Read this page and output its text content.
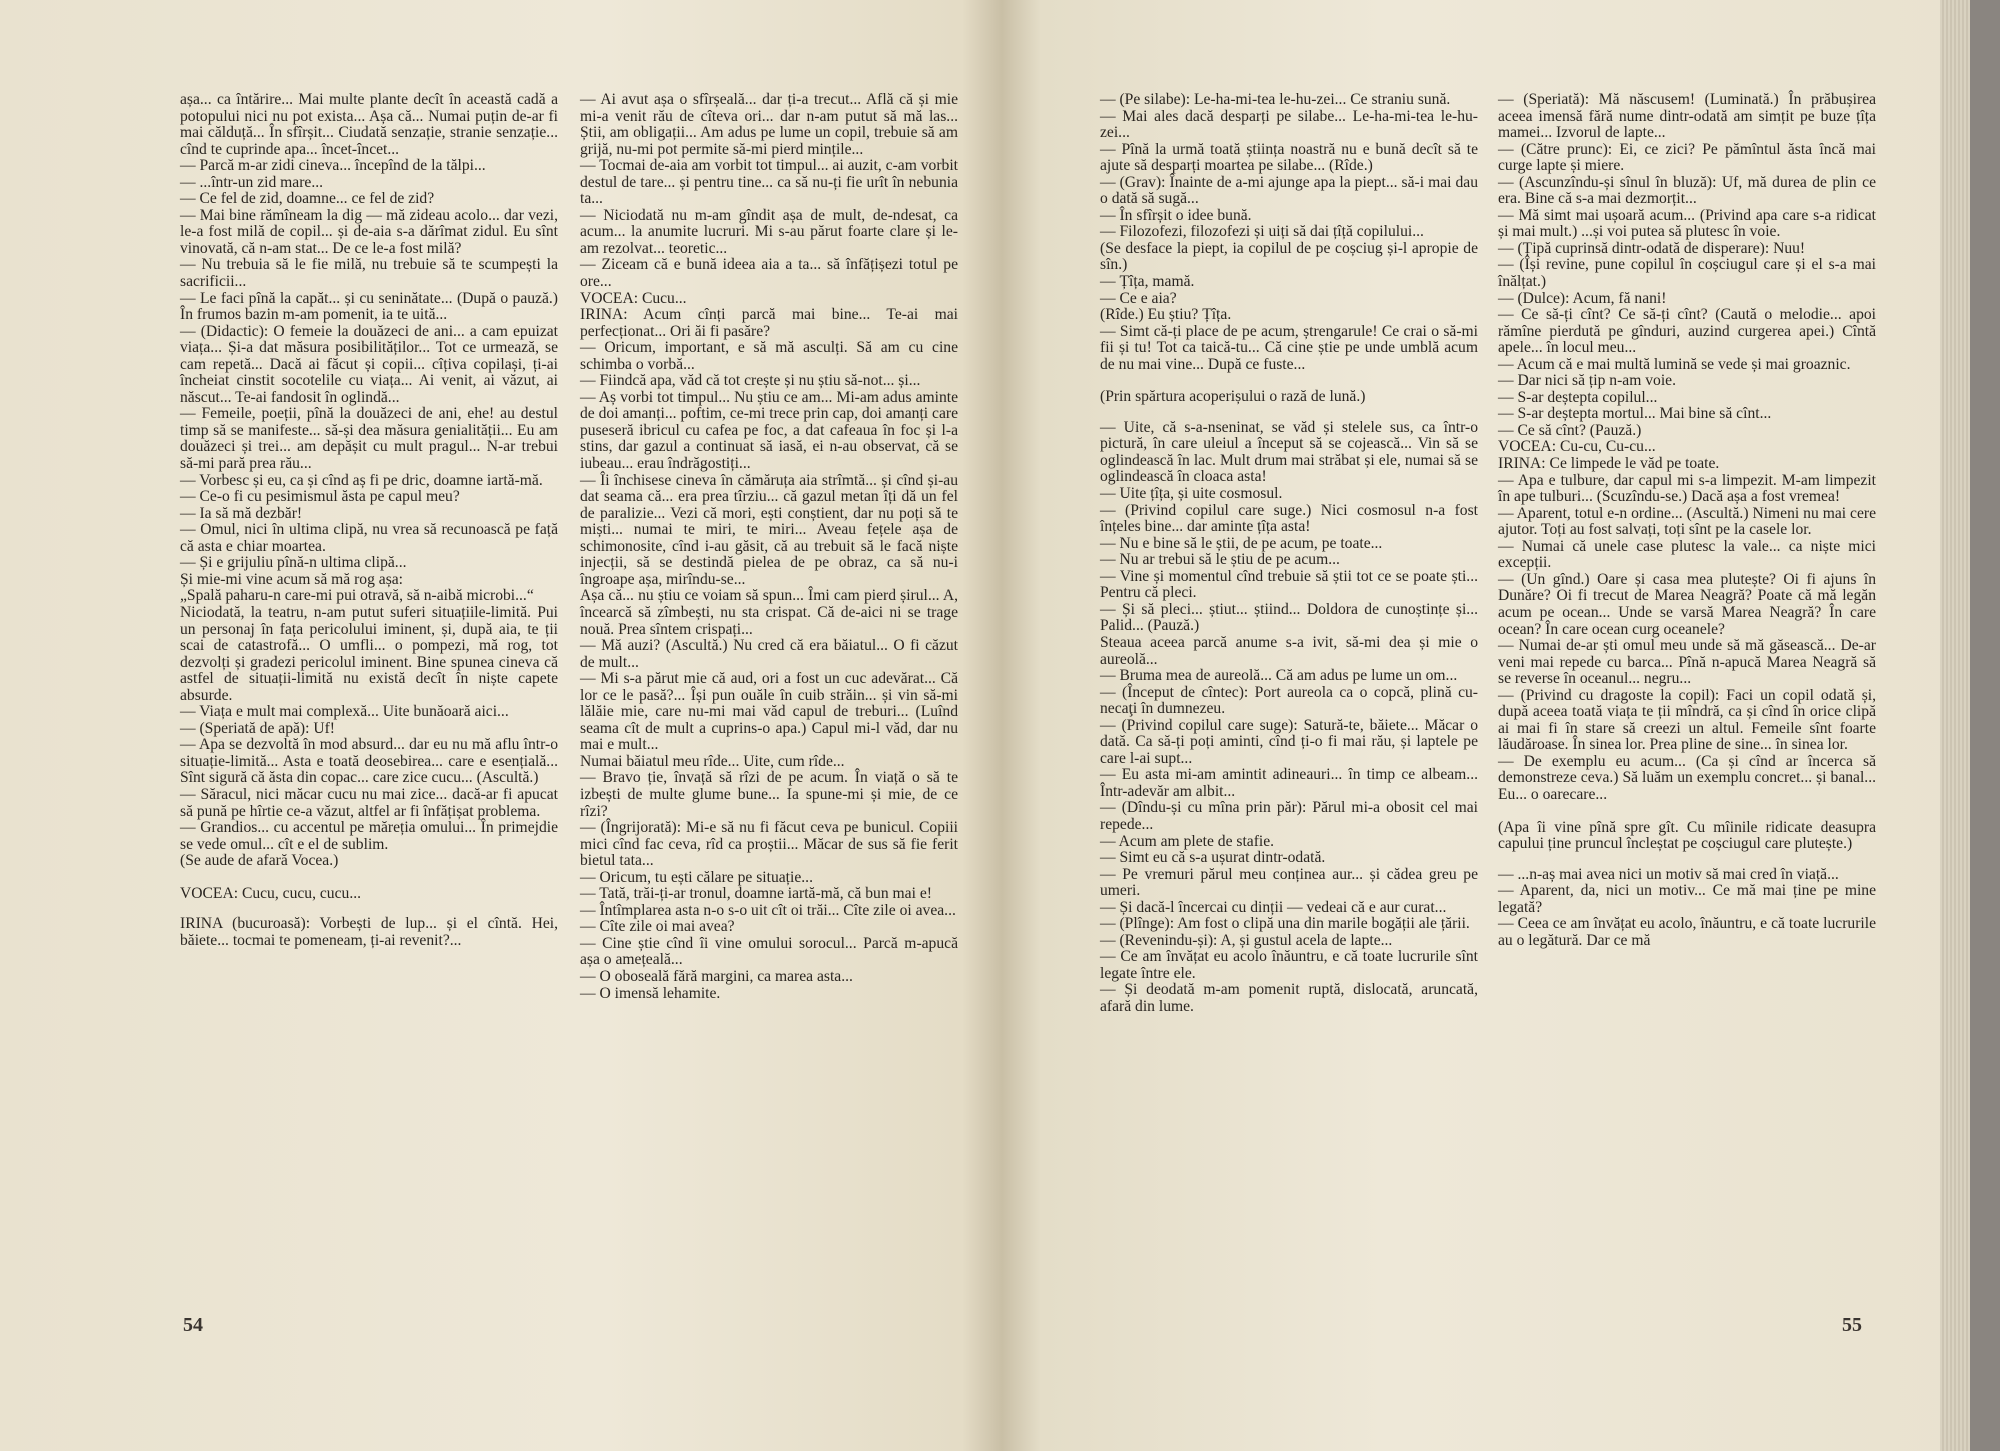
așa... ca întărire... Mai multe plante decît în această cadă a potopului nici nu pot exista... Așa că... Numai puțin de-ar fi mai călduță... În sfîrșit... Ciudată senzație, stranie senzație... cînd te cuprinde apa... încet-încet...

— Parcă m-ar zidi cineva... începînd de la tălpi...

— ...într-un zid mare...

— Ce fel de zid, doamne... ce fel de zid?

— Mai bine rămîneam la dig — mă zideau acolo... dar vezi, le-a fost milă de copil... și de-aia s-a dărîmat zidul. Eu sînt vinovată, că n-am stat... De ce le-a fost milă?

— Nu trebuia să le fie milă, nu trebuie să te scumpești la sacrificii...

— Le faci pînă la capăt... și cu seninătate... (După o pauză.) În frumos bazin m-am pomenit, ia te uită...

— (Didactic): O femeie la douăzeci de ani... a cam epuizat viața... Și-a dat măsura posibilităților... Tot ce urmează, se cam repetă... Dacă ai făcut și copii... cîțiva copilași, ți-ai încheiat cinstit socotelile cu viața... Ai venit, ai văzut, ai născut... Te-ai fandosit în oglindă...

— Femeile, poeții, pînă la douăzeci de ani, ehe! au destul timp să se manifeste... să-și dea măsura genialității... Eu am douăzeci și trei... am depășit cu mult pragul... N-ar trebui să-mi pară prea rău...

— Vorbesc și eu, ca și cînd aș fi pe dric, doamne iartă-mă.

— Ce-o fi cu pesimismul ăsta pe capul meu?

— Ia să mă dezbăr!

— Omul, nici în ultima clipă, nu vrea să recunoască pe față că asta e chiar moartea.

— Și e grijuliu pînă-n ultima clipă...

Și mie-mi vine acum să mă rog așa:

„Spală paharu-n care-mi pui otravă, să n-aibă microbi...“

Niciodată, la teatru, n-am putut suferi situațiile-limită. Pui un personaj în fața pericolului iminent, și, după aia, te ții scai de catastrofă... O umfli... o pompezi, mă rog, tot dezvolți și gradezi pericolul iminent. Bine spunea cineva că astfel de situații-limită nu există decît în niște capete absurde.

— Viața e mult mai complexă... Uite bunăoară aici...

— (Speriată de apă): Uf!

— Apa se dezvoltă în mod absurd... dar eu nu mă aflu într-o situație-limită... Asta e toată deosebirea... care e esențială... Sînt sigură că ăsta din copac... care zice cucu... (Ascultă.)

— Săracul, nici măcar cucu nu mai zice... dacă-ar fi apucat să pună pe hîrtie ce-a văzut, altfel ar fi înfățișat problema.

— Grandios... cu accentul pe măreția omului... În primejdie se vede omul... cît e el de sublim.

(Se aude de afară Vocea.)

VOCEA: Cucu, cucu, cucu...

IRINA (bucuroasă): Vorbești de lup... și el cîntă. Hei, băiete... tocmai te pomeneam, ți-ai revenit?...

— Ai avut așa o sfîrșeală... dar ți-a trecut... Află că și mie mi-a venit rău de cîteva ori... dar n-am putut să mă las... Știi, am obligații... Am adus pe lume un copil, trebuie să am grijă, nu-mi pot permite să-mi pierd mințile...

— Tocmai de-aia am vorbit tot timpul... ai auzit, c-am vorbit destul de tare... și pentru tine... ca să nu-ți fie urît în nebunia ta...

— Niciodată nu m-am gîndit așa de mult, de-ndesat, ca acum... la anumite lucruri. Mi s-au părut foarte clare și le-am rezolvat... teoretic...

— Ziceam că e bună ideea aia a ta... să înfățișezi totul pe ore...

VOCEA: Cucu...

IRINA: Acum cînți parcă mai bine... Te-ai mai perfecționat... Ori ăi fi pasăre?

— Oricum, important, e să mă asculți. Să am cu cine schimba o vorbă...

— Fiindcă apa, văd că tot crește și nu știu să-not... și...

— Aș vorbi tot timpul... Nu știu ce am... Mi-am adus aminte de doi amanți... poftim, ce-mi trece prin cap, doi amanți care puseseră ibricul cu cafea pe foc, a dat cafeaua în foc și l-a stins, dar gazul a continuat să iasă, ei n-au observat, că se iubeau... erau îndrăgostiți...

— Îi închisese cineva în cămăruța aia strîmtă... și cînd și-au dat seama că... era prea tîrziu... că gazul metan îți dă un fel de paralizie... Vezi că mori, ești conștient, dar nu poți să te miști... numai te miri, te miri... Aveau fețele așa de schimonosite, cînd i-au găsit, că au trebuit să le facă niște injecții, să se destindă pielea de pe obraz, ca să nu-i îngroape așa, mirîndu-se...

Așa că... nu știu ce voiam să spun... Îmi cam pierd șirul... A, încearcă să zîmbești, nu sta crispat. Că de-aici ni se trage nouă. Prea sîntem crispați...

— Mă auzi? (Ascultă.) Nu cred că era băiatul... O fi căzut de mult...

— Mi s-a părut mie că aud, ori a fost un cuc adevărat... Că lor ce le pasă?... Își pun ouăle în cuib străin... și vin să-mi lălăie mie, care nu-mi mai văd capul de treburi... (Luînd seama cît de mult a cuprins-o apa.) Capul mi-l văd, dar nu mai e mult...

Numai băiatul meu rîde... Uite, cum rîde...

— Bravo ție, învață să rîzi de pe acum. În viață o să te izbești de multe glume bune... Ia spune-mi și mie, de ce rîzi?

— (Îngrijorată): Mi-e să nu fi făcut ceva pe bunicul. Copiii mici cînd fac ceva, rîd ca proștii... Măcar de sus să fie ferit bietul tata...

— Oricum, tu ești călare pe situație...

— Tată, trăi-ți-ar tronul, doamne iartă-mă, că bun mai e!

— Întîmplarea asta n-o s-o uit cît oi trăi... Cîte zile oi avea...

— Cîte zile oi mai avea?

— Cine știe cînd îi vine omului sorocul... Parcă m-apucă așa o amețeală...

— O oboseală fără margini, ca marea asta...

— O imensă lehamite.

54

— (Pe silabe): Le-ha-mi-tea le-hu-zei... Ce straniu sună.

— Mai ales dacă desparți pe silabe... Le-ha-mi-tea le-hu-zei...

— Pînă la urmă toată știința noastră nu e bună decît să te ajute să desparți moartea pe silabe... (Rîde.)

— (Grav): Înainte de a-mi ajunge apa la piept... să-i mai dau o dată să sugă...

— În sfîrșit o idee bună.

— Filozofezi, filozofezi și uiți să dai țîță copilului...

(Se desface la piept, ia copilul de pe coșciug și-l apropie de sîn.)

— Țîța, mamă.

— Ce e aia?

(Rîde.) Eu știu? Țîța.

— Simt că-ți place de pe acum, ștrengarule! Ce crai o să-mi fii și tu! Tot ca taică-tu... Că cine știe pe unde umblă acum de nu mai vine... După ce fuste...

(Prin spărtura acoperișului o rază de lună.)

— Uite, că s-a-nseninat, se văd și stelele sus, ca într-o pictură, în care uleiul a început să se cojească... Vin să se oglindească în lac. Mult drum mai străbat și ele, numai să se oglindească în cloaca asta!

— Uite țîța, și uite cosmosul.

— (Privind copilul care suge.) Nici cosmosul n-a fost înțeles bine... dar aminte țîța asta!

— Nu e bine să le știi, de pe acum, pe toate...

— Nu ar trebui să le știu de pe acum...

— Vine și momentul cînd trebuie să știi tot ce se poate ști... Pentru că pleci.

— Și să pleci... știut... știind... Doldora de cunoștințe și... Palid... (Pauză.)

Steaua aceea parcă anume s-a ivit, să-mi dea și mie o aureolă...

— Bruma mea de aureolă... Că am adus pe lume un om...

— (Început de cîntec): Port aureola ca o copcă, plină cu-necaţi în dumnezeu.

— (Privind copilul care suge): Satură-te, băiete... Măcar o dată. Ca să-ți poți aminti, cînd ți-o fi mai rău, și laptele pe care l-ai supt...

— Eu asta mi-am amintit adineauri... în timp ce albeam... Într-adevăr am albit...

— (Dîndu-și cu mîna prin păr): Părul mi-a obosit cel mai repede...

— Acum am plete de stafie.

— Simt eu că s-a ușurat dintr-odată.

— Pe vremuri părul meu conținea aur... și cădea greu pe umeri.

— Și dacă-l încercai cu dinții — vedeai că e aur curat...

— (Plînge): Am fost o clipă una din marile bogății ale țării.

— (Revenindu-și): A, și gustul acela de lapte...

— Ce am învățat eu acolo înăuntru, e că toate lucrurile sînt legate între ele.

— Și deodată m-am pomenit ruptă, dislocată, aruncată, afară din lume.

— (Speriată): Mă născusem! (Luminată.) În prăbușirea aceea imensă fără nume dintr-odată am simțit pe buze țîța mamei... Izvorul de lapte...

— (Către prunc): Ei, ce zici? Pe pămîntul ăsta încă mai curge lapte și miere.

— (Ascunzîndu-și sînul în bluză): Uf, mă durea de plin ce era. Bine că s-a mai dezmorțit...

— Mă simt mai ușoară acum... (Privind apa care s-a ridicat și mai mult.) ...și voi putea să plutesc în voie.

— (Țipă cuprinsă dintr-odată de disperare): Nuu!

— (Își revine, pune copilul în coșciugul care și el s-a mai înălțat.)

— (Dulce): Acum, fă nani!

— Ce să-ți cînt? Ce să-ți cînt? (Caută o melodie... apoi rămîne pierdută pe gînduri, auzind curgerea apei.) Cîntă apele... în locul meu...

— Acum că e mai multă lumină se vede și mai groaznic.

— Dar nici să țip n-am voie.

— S-ar deștepta copilul...

— S-ar deștepta mortul... Mai bine să cînt...

— Ce să cînt? (Pauză.)

VOCEA: Cu-cu, Cu-cu...

IRINA: Ce limpede le văd pe toate.

— Apa e tulbure, dar capul mi s-a limpezit. M-am limpezit în ape tulburi... (Scuzîndu-se.) Dacă așa a fost vremea!

— Aparent, totul e-n ordine... (Ascultă.) Nimeni nu mai cere ajutor. Toți au fost salvați, toți sînt pe la casele lor.

— Numai că unele case plutesc la vale... ca niște mici excepții.

— (Un gînd.) Oare și casa mea plutește? Oi fi ajuns în Dunăre? Oi fi trecut de Marea Neagră? Poate că mă legăn acum pe ocean... Unde se varsă Marea Neagră? În care ocean? În care ocean curg oceanele?

— Numai de-ar ști omul meu unde să mă găsească... De-ar veni mai repede cu barca... Pînă n-apucă Marea Neagră să se reverse în oceanul... negru...

— (Privind cu dragoste la copil): Faci un copil odată și, după aceea toată viața te ții mîndră, ca și cînd în orice clipă ai mai fi în stare să creezi un altul. Femeile sînt foarte lăudăroase. În sinea lor. Prea pline de sine... în sinea lor.

— De exemplu eu acum... (Ca și cînd ar încerca să demonstreze ceva.) Să luăm un exemplu concret... și banal... Eu... o oarecare...

(Apa îi vine pînă spre gît. Cu mîinile ridicate deasupra capului ține pruncul încleștat pe coșciugul care plutește.)

— ...n-aș mai avea nici un motiv să mai cred în viață...

— Aparent, da, nici un motiv... Ce mă mai ține pe mine legată?

— Ceea ce am învățat eu acolo, înăuntru, e că toate lucrurile au o legătură. Dar ce mă

55
